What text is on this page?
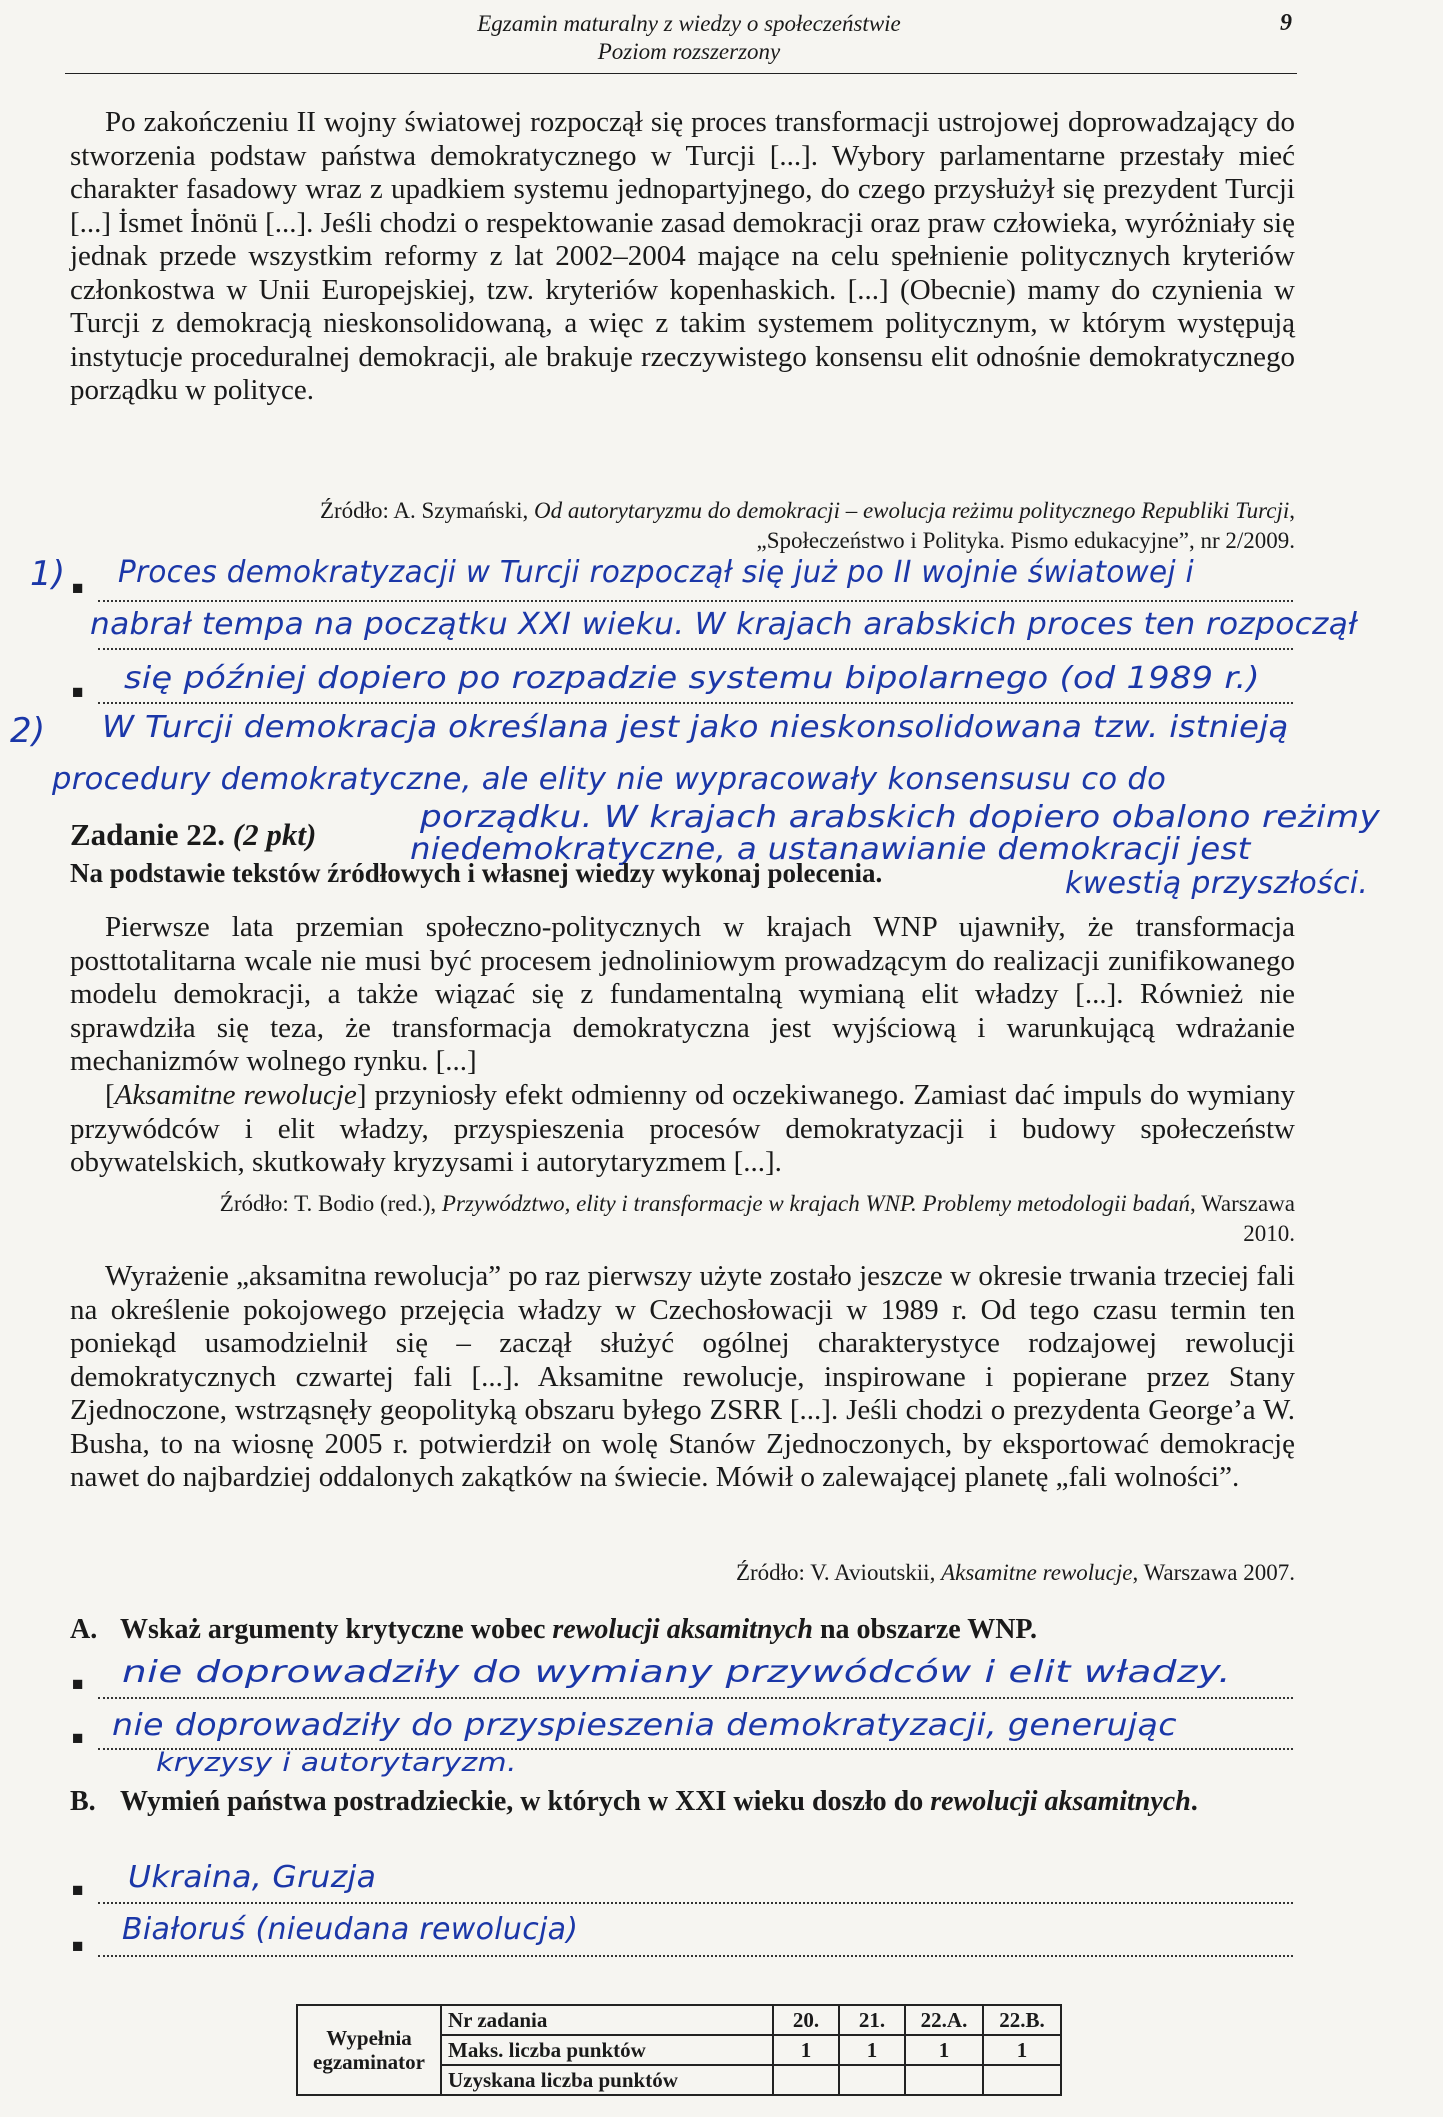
Egzamin maturalny z wiedzy o społeczeństwie
Poziom rozszerzony
9

Po zakończeniu II wojny światowej rozpoczął się proces transformacji ustrojowej doprowadzający do stworzenia podstaw państwa demokratycznego w Turcji [...]. Wybory parlamentarne przestały mieć charakter fasadowy wraz z upadkiem systemu jednopartyjnego, do czego przysłużył się prezydent Turcji [...] İsmet İnönü [...]. Jeśli chodzi o respektowanie zasad demokracji oraz praw człowieka, wyróżniały się jednak przede wszystkim reformy z lat 2002–2004 mające na celu spełnienie politycznych kryteriów członkostwa w Unii Europejskiej, tzw. kryteriów kopenhaskich. [...] (Obecnie) mamy do czynienia w Turcji z demokracją nieskonsolidowaną, a więc z takim systemem politycznym, w którym występują instytucje proceduralnej demokracji, ale brakuje rzeczywistego konsensu elit odnośnie demokratycznego porządku w polityce.

Źródło: A. Szymański, Od autorytaryzmu do demokracji – ewolucja reżimu politycznego Republiki Turcji, „Społeczeństwo i Polityka. Pismo edukacyjne”, nr 2/2009.

■
■
1) Proces demokratyzacji w Turcji rozpoczął się już po II wojnie światowej i
nabrał tempa na początku XXI wieku. W krajach arabskich proces ten rozpoczął
się później dopiero po rozpadzie systemu bipolarnego (od 1989 r.)
2) W Turcji demokracja określana jest jako nieskonsolidowana tzw. istnieją
procedury demokratyczne, ale elity nie wypracowały konsensusu co do
porządku. W krajach arabskich dopiero obalono reżimy
niedemokratyczne, a ustanawianie demokracji jest
kwestią przyszłości.
Zadanie 22. (2 pkt)
Na podstawie tekstów źródłowych i własnej wiedzy wykonaj polecenia.

Pierwsze lata przemian społeczno-politycznych w krajach WNP ujawniły, że transformacja posttotalitarna wcale nie musi być procesem jednoliniowym prowadzącym do realizacji zunifikowanego modelu demokracji, a także wiązać się z fundamentalną wymianą elit władzy [...]. Również nie sprawdziła się teza, że transformacja demokratyczna jest wyjściową i warunkującą wdrażanie mechanizmów wolnego rynku. [...]

[Aksamitne rewolucje] przyniosły efekt odmienny od oczekiwanego. Zamiast dać impuls do wymiany przywódców i elit władzy, przyspieszenia procesów demokratyzacji i budowy społeczeństw obywatelskich, skutkowały kryzysami i autorytaryzmem [...].

Źródło: T. Bodio (red.), Przywództwo, elity i transformacje w krajach WNP. Problemy metodologii badań, Warszawa 2010.

Wyrażenie „aksamitna rewolucja” po raz pierwszy użyte zostało jeszcze w okresie trwania trzeciej fali na określenie pokojowego przejęcia władzy w Czechosłowacji w 1989 r. Od tego czasu termin ten poniekąd usamodzielnił się – zaczął służyć ogólnej charakterystyce rodzajowej rewolucji demokratycznych czwartej fali [...]. Aksamitne rewolucje, inspirowane i popierane przez Stany Zjednoczone, wstrząsnęły geopolityką obszaru byłego ZSRR [...]. Jeśli chodzi o prezydenta George’a W. Busha, to na wiosnę 2005 r. potwierdził on wolę Stanów Zjednoczonych, by eksportować demokrację nawet do najbardziej oddalonych zakątków na świecie. Mówił o zalewającej planetę „fali wolności”.

Źródło: V. Avioutskii, Aksamitne rewolucje, Warszawa 2007.

A. Wskaż argumenty krytyczne wobec rewolucji aksamitnych na obszarze WNP.
■
■
nie doprowadziły do wymiany przywódców i elit władzy.
nie doprowadziły do przyspieszenia demokratyzacji, generując
kryzysy i autorytaryzm.
B. Wymień państwa postradzieckie, w których w XXI wieku doszło do rewolucji aksamitnych.
■
■
Ukraina, Gruzja
Białoruś (nieudana rewolucja)
Wypełnia egzaminator	Nr zadania	20.	21.	22.A.	22.B.
	Maks. liczba punktów	1	1	1	1
	Uzyskana liczba punktów				
